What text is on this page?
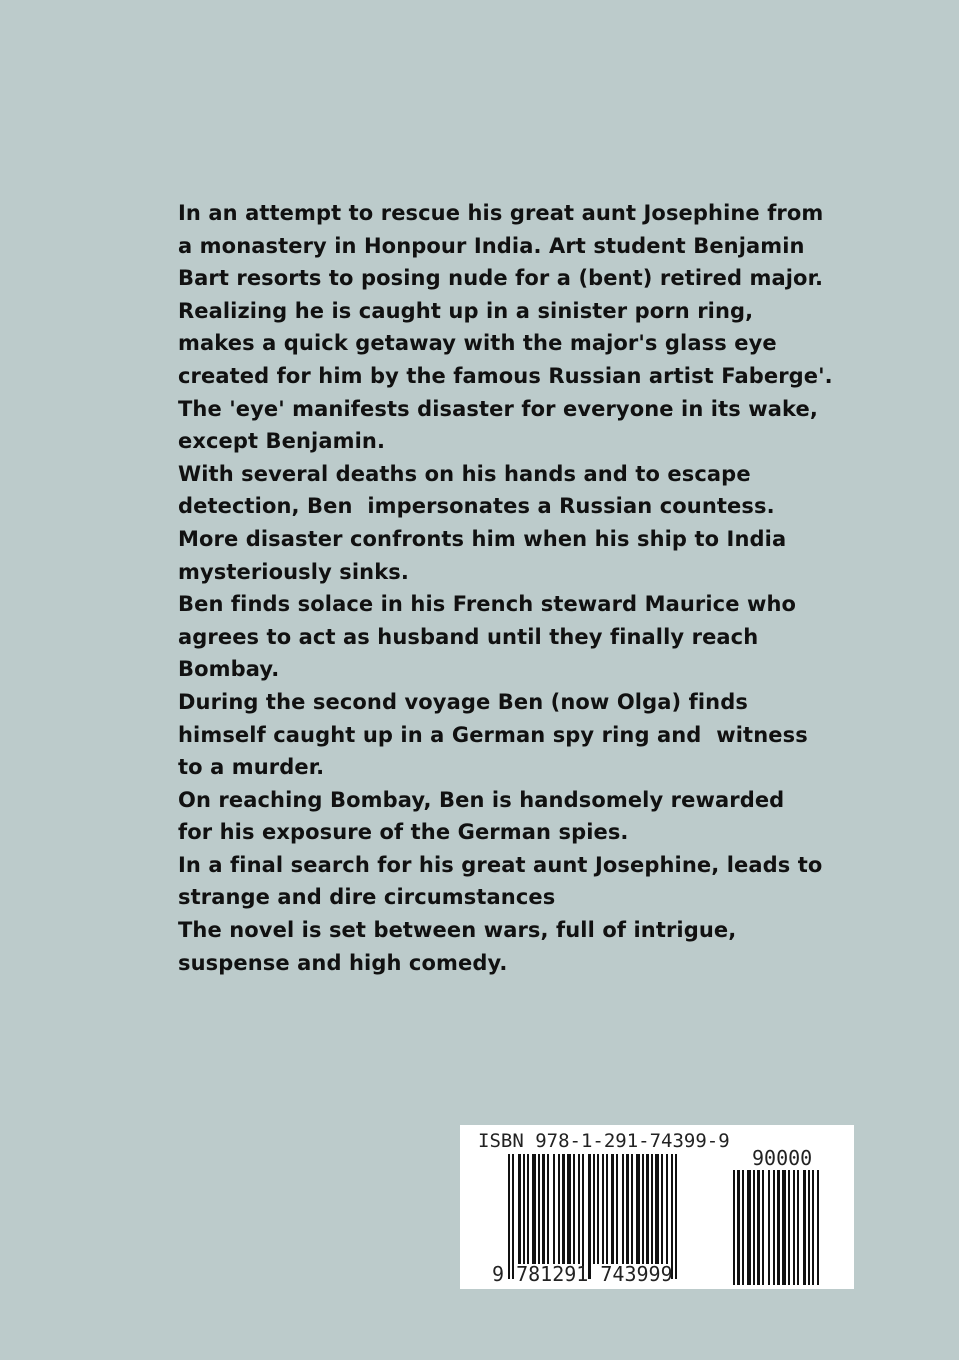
In an attempt to rescue his great aunt Josephine from
a monastery in Honpour India. Art student Benjamin
Bart resorts to posing nude for a (bent) retired major.
Realizing he is caught up in a sinister porn ring,
makes a quick getaway with the major's glass eye
created for him by the famous Russian artist Faberge'.
The 'eye' manifests disaster for everyone in its wake,
except Benjamin.
With several deaths on his hands and to escape
detection, Ben  impersonates a Russian countess.
More disaster confronts him when his ship to India
mysteriously sinks.
Ben finds solace in his French steward Maurice who
agrees to act as husband until they finally reach
Bombay.
During the second voyage Ben (now Olga) finds
himself caught up in a German spy ring and  witness
to a murder.
On reaching Bombay, Ben is handsomely rewarded
for his exposure of the German spies.
In a final search for his great aunt Josephine, leads to
strange and dire circumstances
The novel is set between wars, full of intrigue,
suspense and high comedy.
ISBN 978-1-291-74399-9
90000
9 781291 743999
